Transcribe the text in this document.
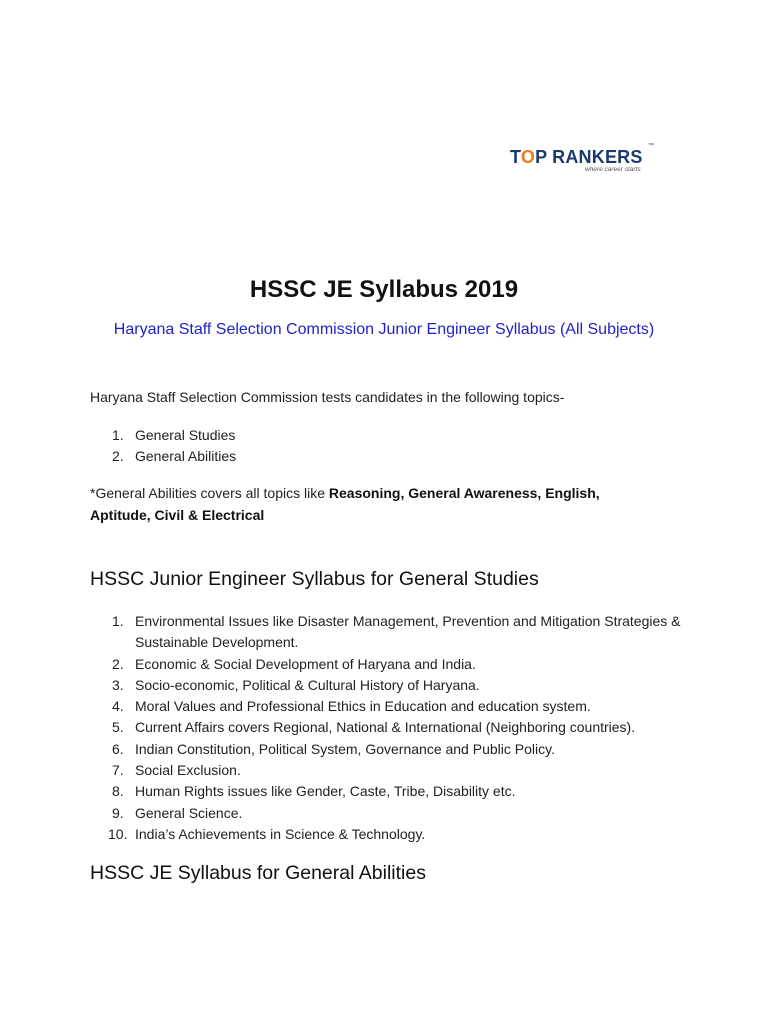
TOP RANKERS
™
where career starts
HSSC JE Syllabus 2019

Haryana Staff Selection Commission Junior Engineer Syllabus (All Subjects)

Haryana Staff Selection Commission tests candidates in the following topics-

1. General Studies
2. General Abilities

*General Abilities covers all topics like Reasoning, General Awareness, English, Aptitude, Civil & Electrical

HSSC Junior Engineer Syllabus for General Studies
1. Environmental Issues like Disaster Management, Prevention and Mitigation Strategies & Sustainable Development.
2. Economic & Social Development of Haryana and India.
3. Socio-economic, Political & Cultural History of Haryana.
4. Moral Values and Professional Ethics in Education and education system.
5. Current Affairs covers Regional, National & International (Neighboring countries).
6. Indian Constitution, Political System, Governance and Public Policy.
7. Social Exclusion.
8. Human Rights issues like Gender, Caste, Tribe, Disability etc.
9. General Science.
10. India’s Achievements in Science & Technology.
HSSC JE Syllabus for General Abilities
